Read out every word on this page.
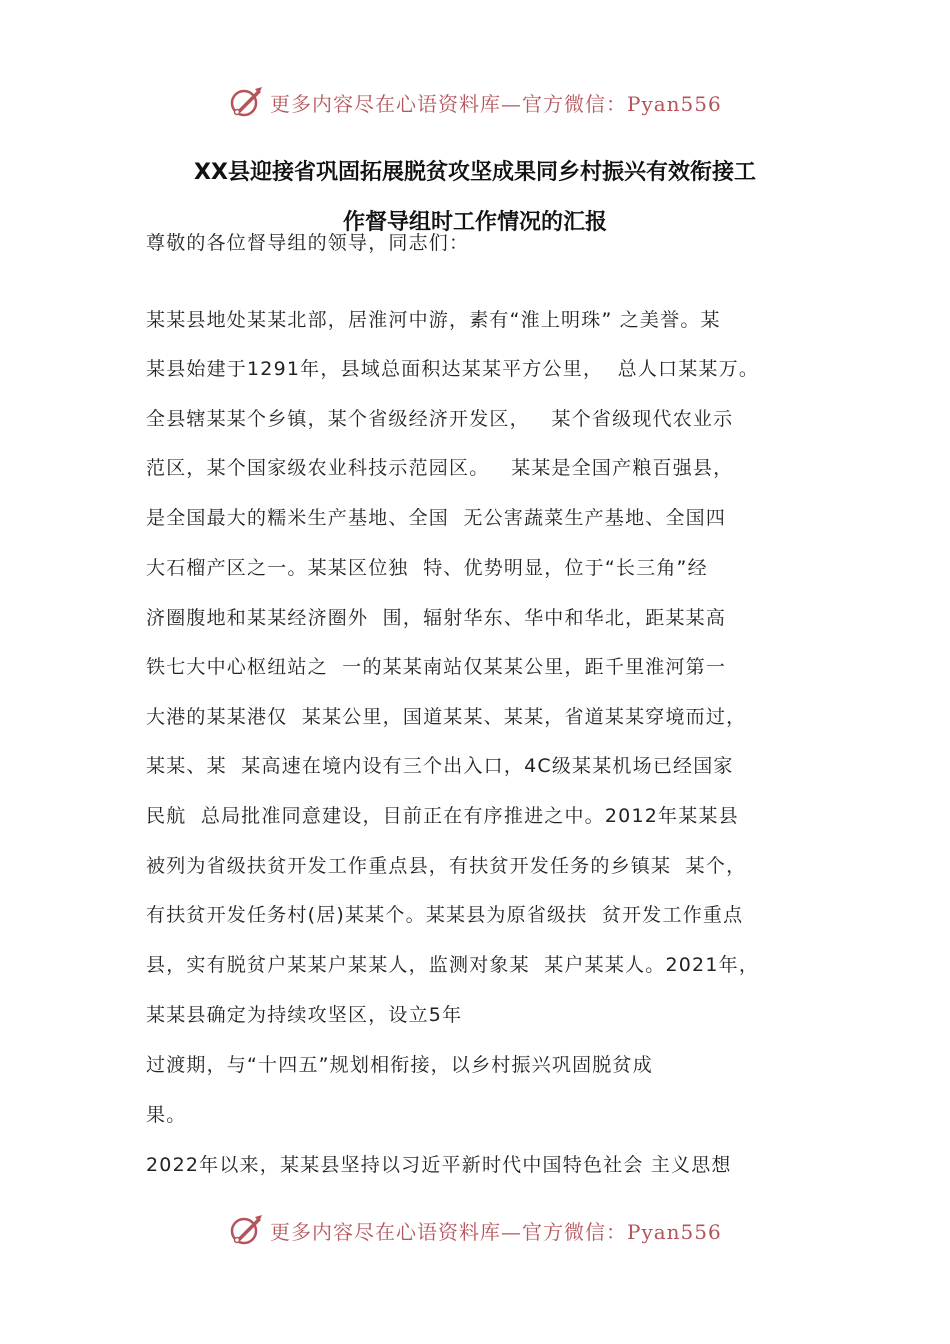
更多内容尽在心语资料库—官方微信：Pyan556
XX县迎接省巩固拓展脱贫攻坚成果同乡村振兴有效衔接工
作督导组时工作情况的汇报
尊敬的各位督导组的领导，同志们：
某某县地处某某北部，居淮河中游，素有“淮上明珠” 之美誉。某
某县始建于1291年，县域总面积达某某平方公里，  总人口某某万。
全县辖某某个乡镇，某个省级经济开发区，   某个省级现代农业示
范区，某个国家级农业科技示范园区。   某某是全国产粮百强县，
是全国最大的糯米生产基地、全国  无公害蔬菜生产基地、全国四
大石榴产区之一。某某区位独  特、优势明显，位于“长三角”经
济圈腹地和某某经济圈外  围，辐射华东、华中和华北，距某某高
铁七大中心枢纽站之  一的某某南站仅某某公里，距千里淮河第一
大港的某某港仅  某某公里，国道某某、某某，省道某某穿境而过，
某某、某  某高速在境内设有三个出入口，4C级某某机场已经国家
民航  总局批准同意建设，目前正在有序推进之中。2012年某某县
被列为省级扶贫开发工作重点县，有扶贫开发任务的乡镇某  某个，
有扶贫开发任务村(居)某某个。某某县为原省级扶  贫开发工作重点
县，实有脱贫户某某户某某人，监测对象某  某户某某人。2021年，
某某县确定为持续攻坚区，设立5年
过渡期，与“十四五”规划相衔接，以乡村振兴巩固脱贫成
果。
2022年以来，某某县坚持以习近平新时代中国特色社会 主义思想
更多内容尽在心语资料库—官方微信：Pyan556
